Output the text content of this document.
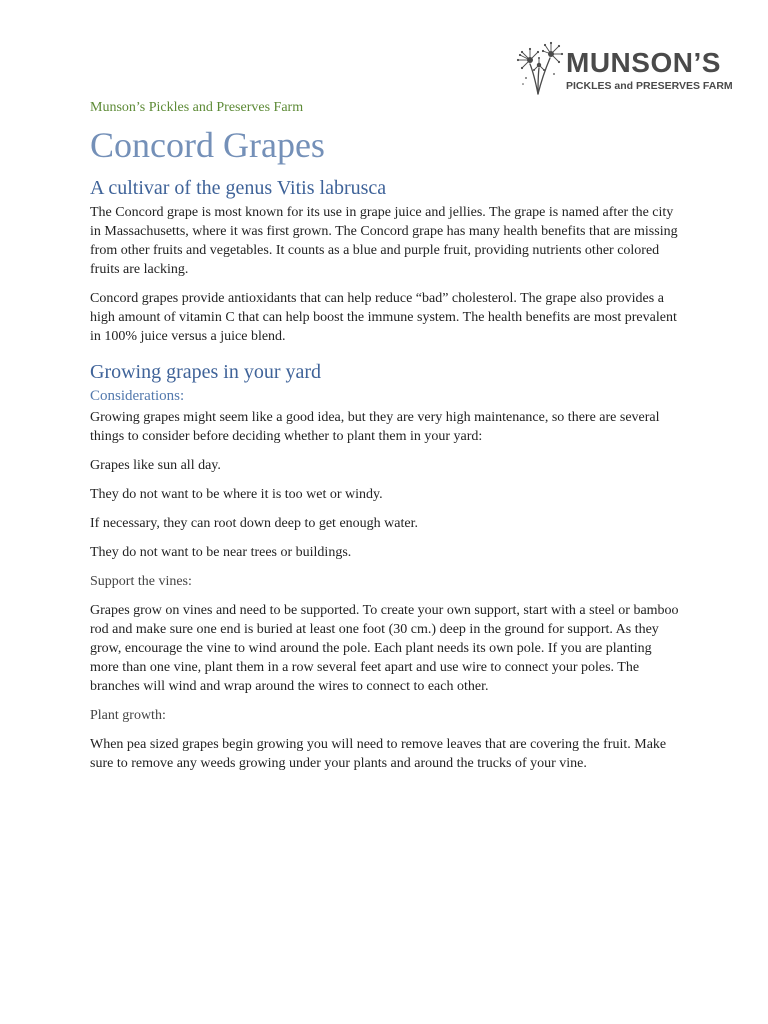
MUNSON’S
PICKLES and PRESERVES FARM
Munson’s Pickles and Preserves Farm
Concord Grapes
A cultivar of the genus Vitis labrusca

The Concord grape is most known for its use in grape juice and jellies. The grape is named after the city in Massachusetts, where it was first grown. The Concord grape has many health benefits that are missing from other fruits and vegetables. It counts as a blue and purple fruit, providing nutrients other colored fruits are lacking.

Concord grapes provide antioxidants that can help reduce “bad” cholesterol. The grape also provides a high amount of vitamin C that can help boost the immune system. The health benefits are most prevalent in 100% juice versus a juice blend.

Growing grapes in your yard
Considerations:

Growing grapes might seem like a good idea, but they are very high maintenance, so there are several things to consider before deciding whether to plant them in your yard:

Grapes like sun all day.

They do not want to be where it is too wet or windy.

If necessary, they can root down deep to get enough water.

They do not want to be near trees or buildings.

Support the vines:

Grapes grow on vines and need to be supported. To create your own support, start with a steel or bamboo rod and make sure one end is buried at least one foot (30 cm.) deep in the ground for support. As they grow, encourage the vine to wind around the pole. Each plant needs its own pole. If you are planting more than one vine, plant them in a row several feet apart and use wire to connect your poles. The branches will wind and wrap around the wires to connect to each other.

Plant growth:

When pea sized grapes begin growing you will need to remove leaves that are covering the fruit. Make sure to remove any weeds growing under your plants and around the trucks of your vine.
